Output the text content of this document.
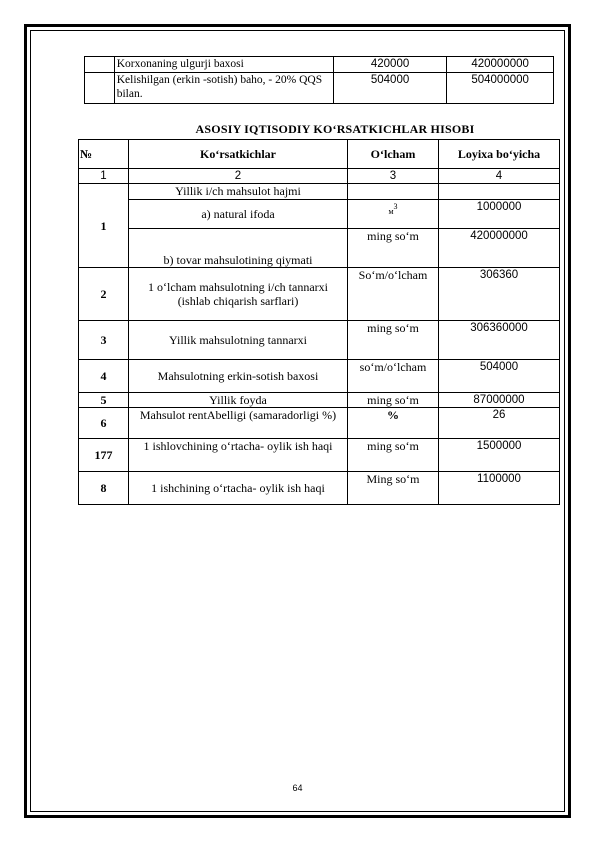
	Korxonaning ulgurji baxosi	420000	420000000
	Kelishilgan (erkin -sotish) baho, - 20% QQS bilan.	504000	504000000
ASOSIY IQTISODIY KO‘RSATKICHLAR HISOBI
№	Ko‘rsatkichlar	O‘lcham	Loyixa bo‘yicha
1	2	3	4
1	Yillik i/ch mahsulot hajmi		
	a) natural ifoda	$м^3$	1000000
	b) tovar mahsulotining qiymati	ming so‘m	420000000
2	1 o‘lcham mahsulotning i/ch tannarxi (ishlab chiqarish sarflari)	So‘m/o‘lcham	306360
3	Yillik mahsulotning tannarxi	ming so‘m	306360000
4	Mahsulotning erkin-sotish baxosi	so‘m/o‘lcham	504000
5	Yillik foyda	ming so‘m	87000000
6	Mahsulot rentAbelligi (samaradorligi %)	%	26
177	1 ishlovchining o‘rtacha- oylik ish haqi	ming so‘m	1500000
8	1 ishchining o‘rtacha- oylik ish haqi	Ming so‘m	1100000
64
